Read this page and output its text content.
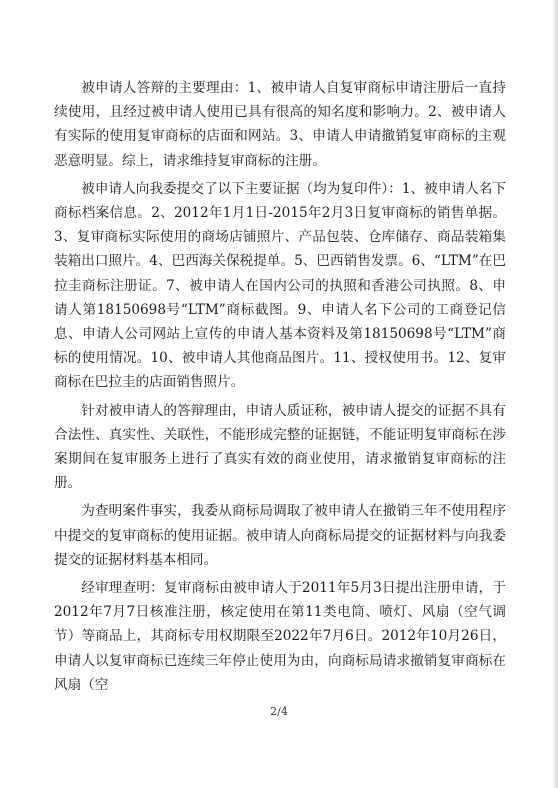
被申请人答辩的主要理由：1、被申请人自复审商标申请注册后一直持续使用，且经过被申请人使用已具有很高的知名度和影响力。2、被申请人有实际的使用复审商标的店面和网站。3、申请人申请撤销复审商标的主观恶意明显。综上，请求维持复审商标的注册。

被申请人向我委提交了以下主要证据（均为复印件）：1、被申请人名下商标档案信息。2、2012年1月1日-2015年2月3日复审商标的销售单据。3、复审商标实际使用的商场店铺照片、产品包装、仓库储存、商品装箱集装箱出口照片。4、巴西海关保税提单。5、巴西销售发票。6、“LTM”在巴拉圭商标注册证。7、被申请人在国内公司的执照和香港公司执照。8、申请人第18150698号“LTM”商标截图。9、申请人名下公司的工商登记信息、申请人公司网站上宣传的申请人基本资料及第18150698号“LTM”商标的使用情况。10、被申请人其他商品图片。11、授权使用书。12、复审商标在巴拉圭的店面销售照片。

针对被申请人的答辩理由，申请人质证称，被申请人提交的证据不具有合法性、真实性、关联性，不能形成完整的证据链，不能证明复审商标在涉案期间在复审服务上进行了真实有效的商业使用，请求撤销复审商标的注册。

为查明案件事实，我委从商标局调取了被申请人在撤销三年不使用程序中提交的复审商标的使用证据。被申请人向商标局提交的证据材料与向我委提交的证据材料基本相同。

经审理查明：复审商标由被申请人于2011年5月3日提出注册申请，于2012年7月7日核准注册，核定使用在第11类电筒、喷灯、风扇（空气调节）等商品上，其商标专用权期限至2022年7月6日。2012年10月26日，申请人以复审商标已连续三年停止使用为由，向商标局请求撤销复审商标在风扇（空

2/4
